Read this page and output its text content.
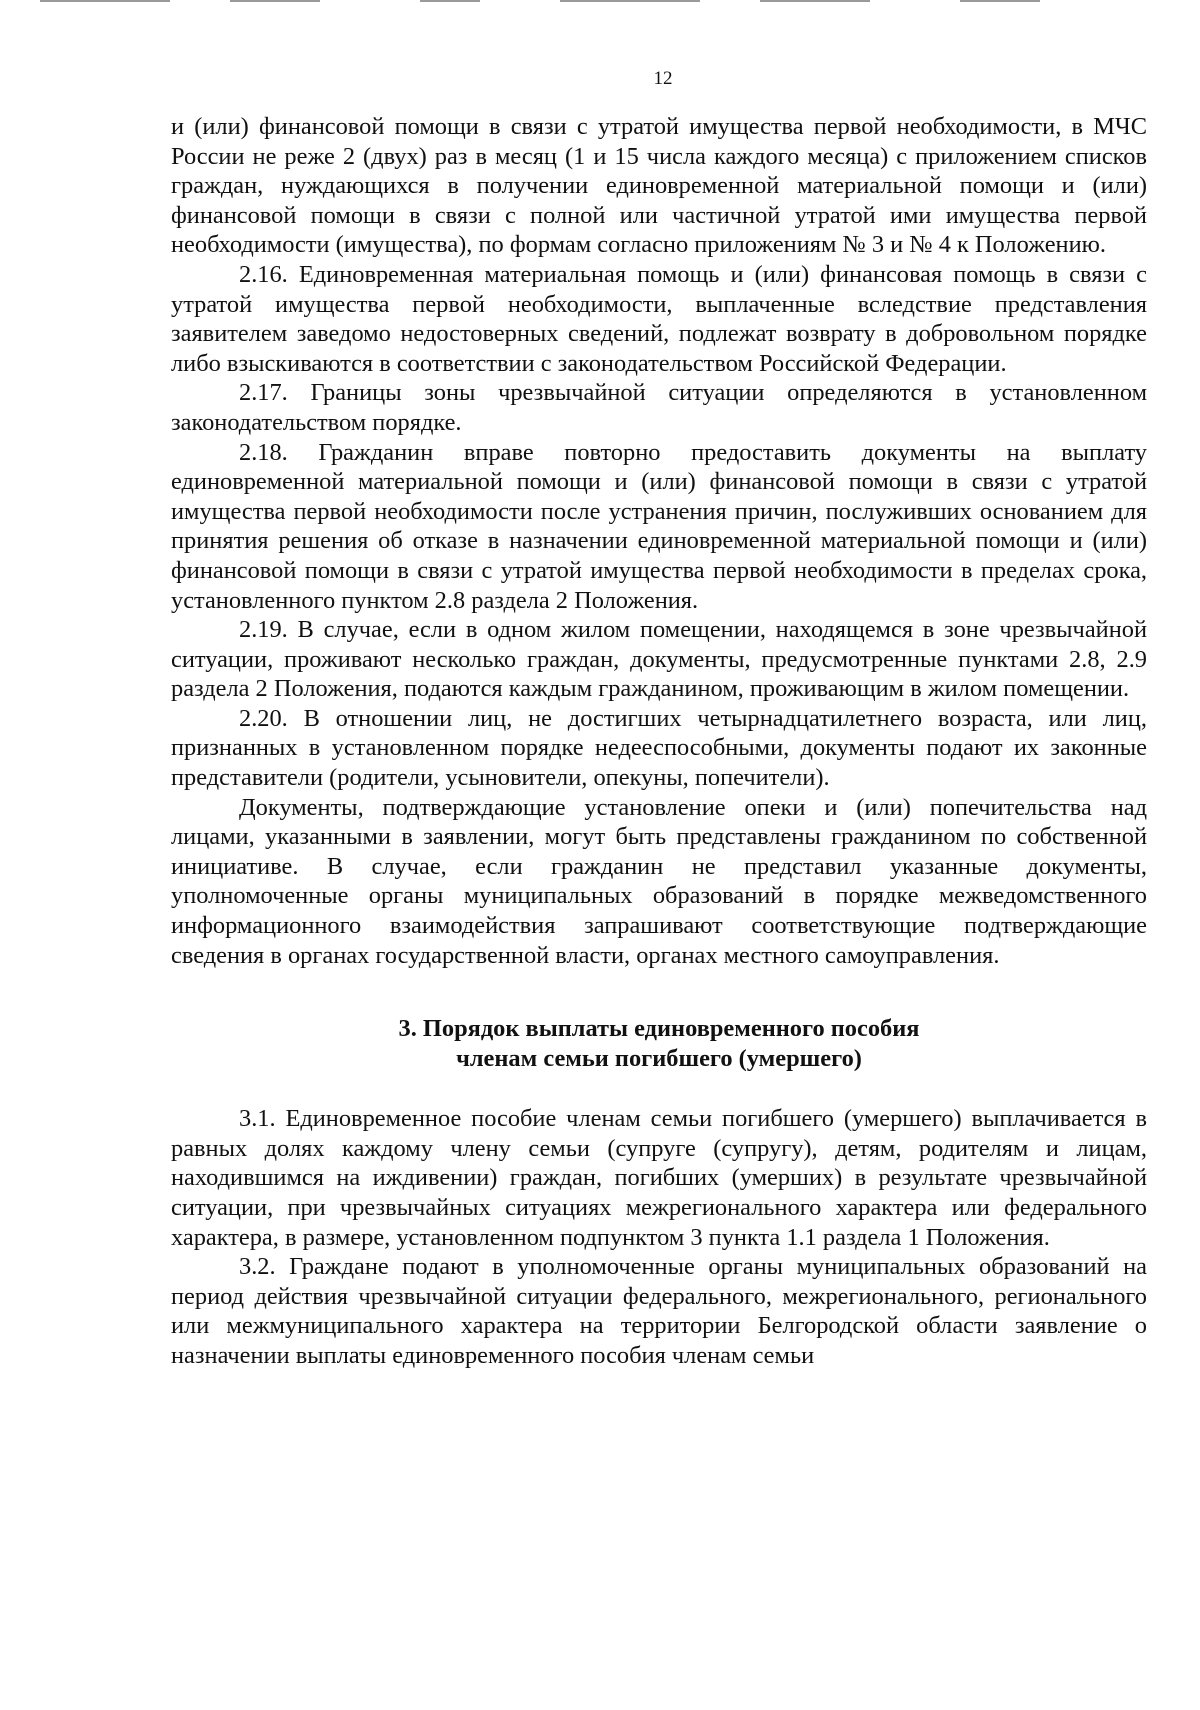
12

и (или) финансовой помощи в связи с утратой имущества первой необходимости, в МЧС России не реже 2 (двух) раз в месяц (1 и 15 числа каждого месяца) с приложением списков граждан, нуждающихся в получении единовременной материальной помощи и (или) финансовой помощи в связи с полной или частичной утратой ими имущества первой необходимости (имущества), по формам согласно приложениям № 3 и № 4 к Положению.

2.16. Единовременная материальная помощь и (или) финансовая помощь в связи с утратой имущества первой необходимости, выплаченные вследствие представления заявителем заведомо недостоверных сведений, подлежат возврату в добровольном порядке либо взыскиваются в соответствии с законодательством Российской Федерации.

2.17. Границы зоны чрезвычайной ситуации определяются в установленном законодательством порядке.

2.18. Гражданин вправе повторно предоставить документы на выплату единовременной материальной помощи и (или) финансовой помощи в связи с утратой имущества первой необходимости после устранения причин, послуживших основанием для принятия решения об отказе в назначении единовременной материальной помощи и (или) финансовой помощи в связи с утратой имущества первой необходимости в пределах срока, установленного пунктом 2.8 раздела 2 Положения.

2.19. В случае, если в одном жилом помещении, находящемся в зоне чрезвычайной ситуации, проживают несколько граждан, документы, предусмотренные пунктами 2.8, 2.9 раздела 2 Положения, подаются каждым гражданином, проживающим в жилом помещении.

2.20. В отношении лиц, не достигших четырнадцатилетнего возраста, или лиц, признанных в установленном порядке недееспособными, документы подают их законные представители (родители, усыновители, опекуны, попечители).

Документы, подтверждающие установление опеки и (или) попечительства над лицами, указанными в заявлении, могут быть представлены гражданином по собственной инициативе. В случае, если гражданин не представил указанные документы, уполномоченные органы муниципальных образований в порядке межведомственного информационного взаимодействия запрашивают соответствующие подтверждающие сведения в органах государственной власти, органах местного самоуправления.

3. Порядок выплаты единовременного пособия
членам семьи погибшего (умершего)

3.1. Единовременное пособие членам семьи погибшего (умершего) выплачивается в равных долях каждому члену семьи (супруге (супругу), детям, родителям и лицам, находившимся на иждивении) граждан, погибших (умерших) в результате чрезвычайной ситуации, при чрезвычайных ситуациях межрегионального характера или федерального характера, в размере, установленном подпунктом 3 пункта 1.1 раздела 1 Положения.

3.2. Граждане подают в уполномоченные органы муниципальных образований на период действия чрезвычайной ситуации федерального, межрегионального, регионального или межмуниципального характера на территории Белгородской области заявление о назначении выплаты единовременного пособия членам семьи
